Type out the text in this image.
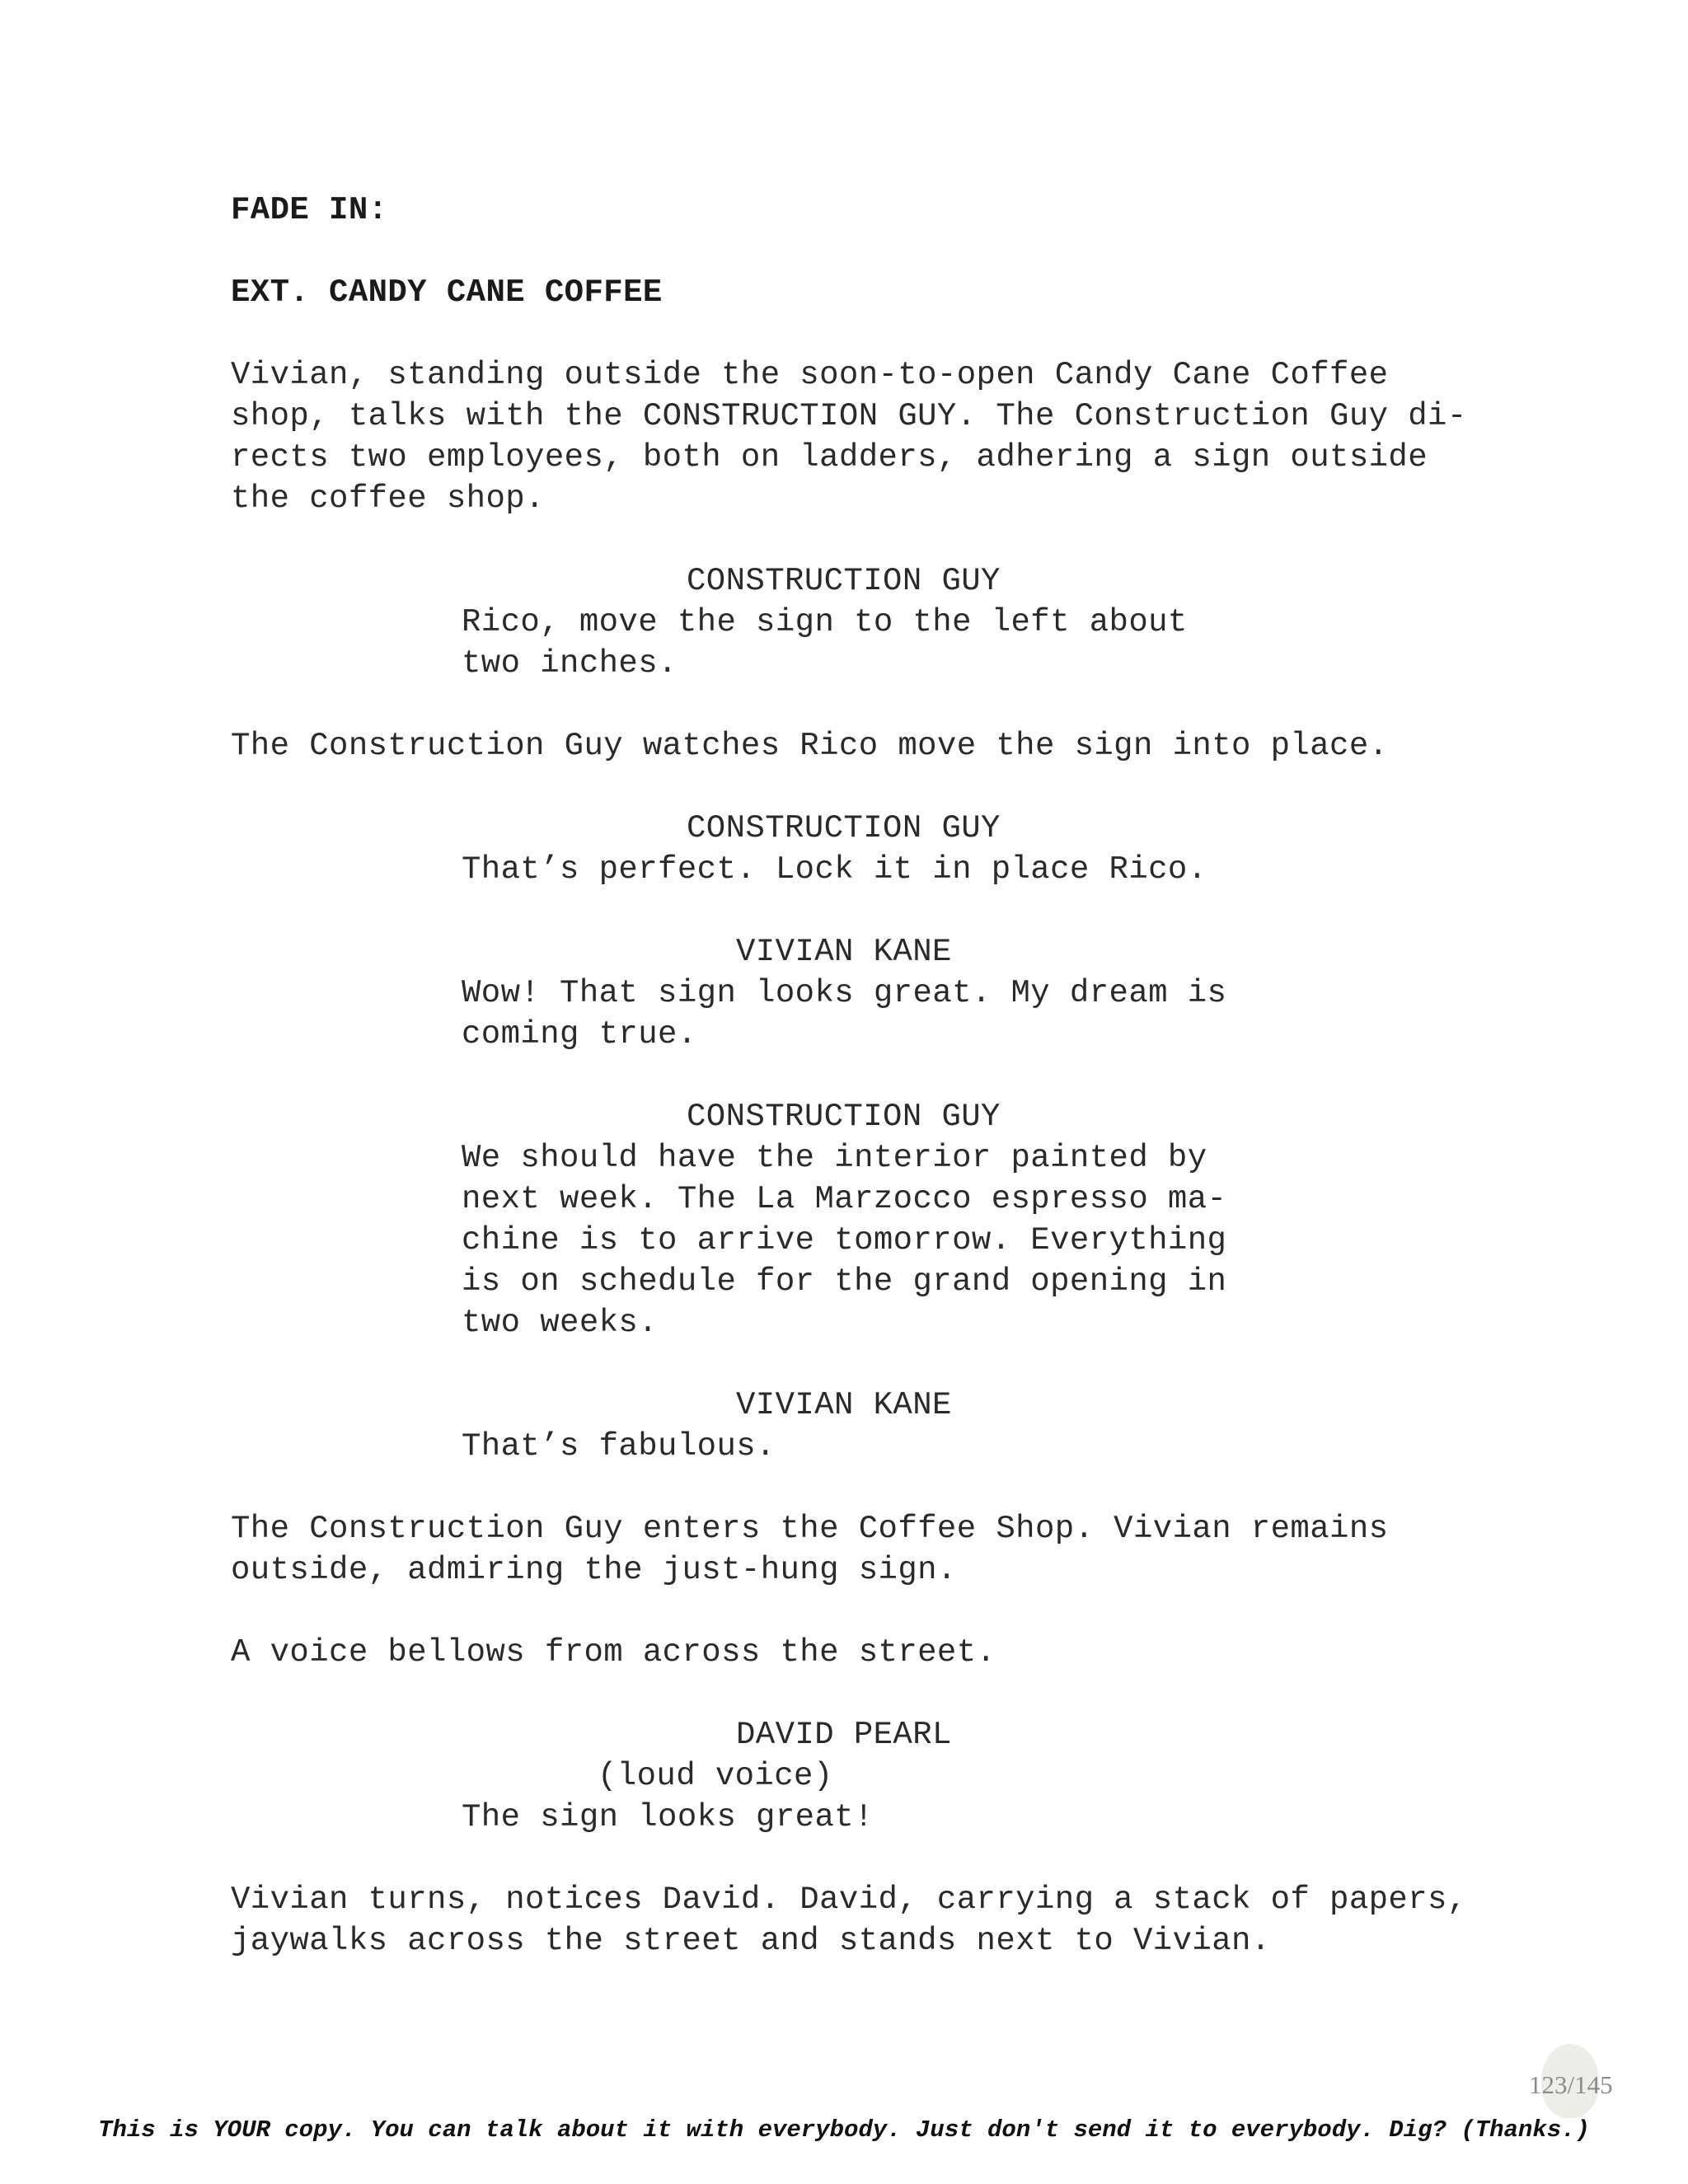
FADE IN:
EXT. CANDY CANE COFFEE
Vivian, standing outside the soon-to-open Candy Cane Coffee
shop, talks with the CONSTRUCTION GUY. The Construction Guy di-
rects two employees, both on ladders, adhering a sign outside
the coffee shop.
CONSTRUCTION GUY
Rico, move the sign to the left about
two inches.
The Construction Guy watches Rico move the sign into place.
CONSTRUCTION GUY
That’s perfect. Lock it in place Rico.
VIVIAN KANE
Wow! That sign looks great. My dream is
coming true.
CONSTRUCTION GUY
We should have the interior painted by
next week. The La Marzocco espresso ma-
chine is to arrive tomorrow. Everything
is on schedule for the grand opening in
two weeks.
VIVIAN KANE
That’s fabulous.
The Construction Guy enters the Coffee Shop. Vivian remains
outside, admiring the just-hung sign.
A voice bellows from across the street.
DAVID PEARL
(loud voice)
The sign looks great!
Vivian turns, notices David. David, carrying a stack of papers,
jaywalks across the street and stands next to Vivian.
123/145
This is YOUR copy. You can talk about it with everybody. Just don't send it to everybody. Dig? (Thanks.)
